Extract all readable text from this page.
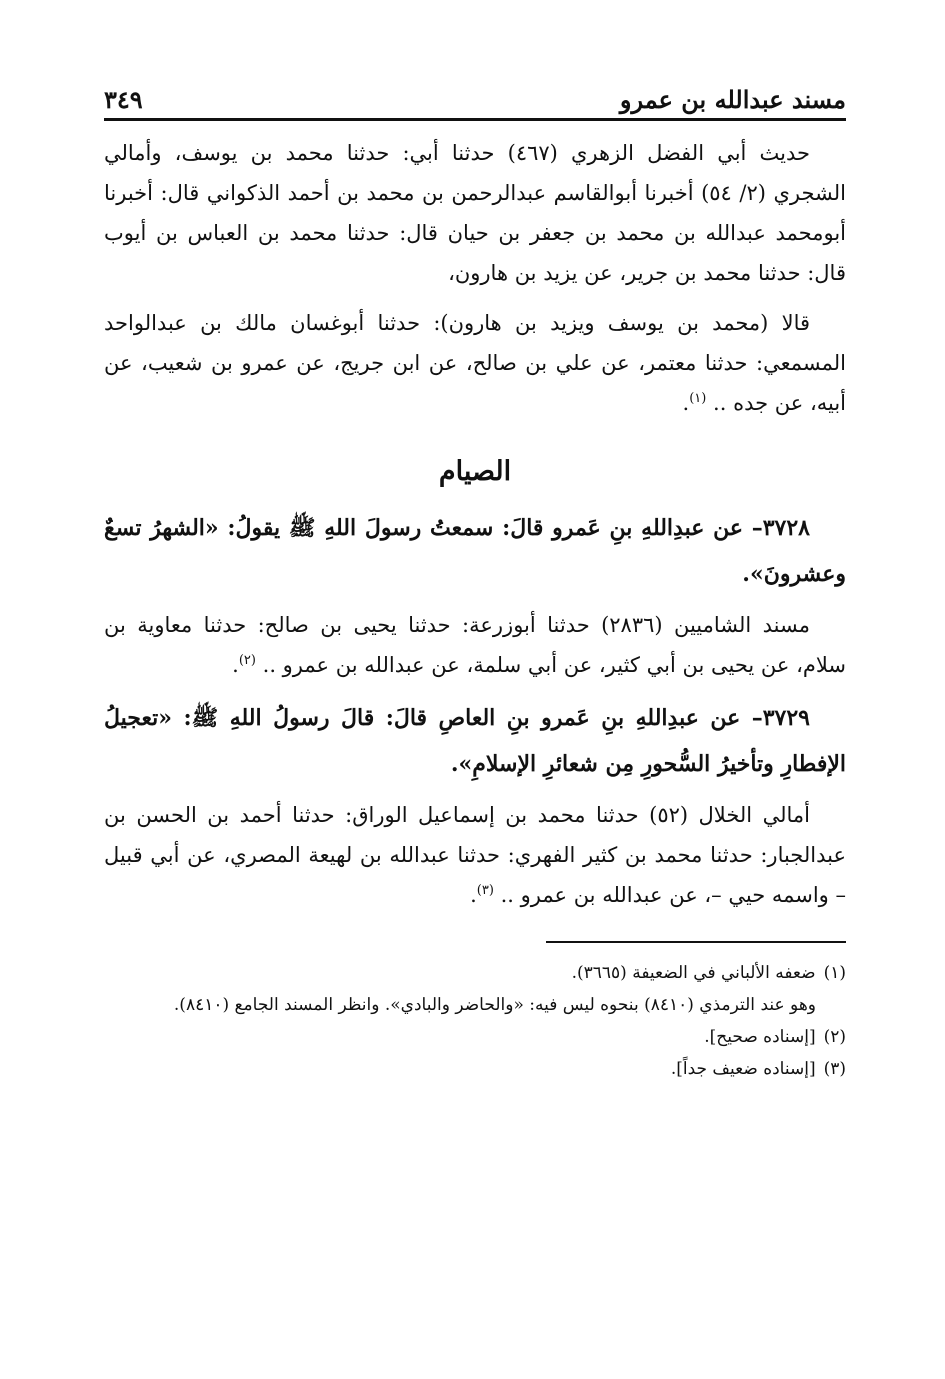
مسند عبدالله بن عمرو
٣٤٩

حديث أبي الفضل الزهري (٤٦٧) حدثنا أبي: حدثنا محمد بن يوسف، وأمالي الشجري (٢/ ٥٤) أخبرنا أبوالقاسم عبدالرحمن بن محمد بن أحمد الذكواني قال: أخبرنا أبومحمد عبدالله بن محمد بن جعفر بن حيان قال: حدثنا محمد بن العباس بن أيوب قال: حدثنا محمد بن جرير، عن يزيد بن هارون،

قالا (محمد بن يوسف ويزيد بن هارون): حدثنا أبوغسان مالك بن عبدالواحد المسمعي: حدثنا معتمر، عن علي بن صالح، عن ابن جريج، عن عمرو بن شعيب، عن أبيه، عن جده .. $^{(١)}$.

الصيام

٣٧٢٨– عن عبدِاللهِ بنِ عَمرو قالَ: سمعتُ رسولَ اللهِ ﷺ يقولُ: «الشهرُ تسعٌ وعشرونَ».

مسند الشاميين (٢٨٣٦) حدثنا أبوزرعة: حدثنا يحيى بن صالح: حدثنا معاوية بن سلام، عن يحيى بن أبي كثير، عن أبي سلمة، عن عبدالله بن عمرو .. $^{(٢)}$.

٣٧٢٩– عن عبدِاللهِ بنِ عَمرو بنِ العاصِ قالَ: قالَ رسولُ اللهِ ﷺ: «تعجيلُ الإفطارِ وتأخيرُ السُّحورِ مِن شعائرِ الإسلامِ».

أمالي الخلال (٥٢) حدثنا محمد بن إسماعيل الوراق: حدثنا أحمد بن الحسن بن عبدالجبار: حدثنا محمد بن كثير الفهري: حدثنا عبدالله بن لهيعة المصري، عن أبي قبيل – واسمه حيي –، عن عبدالله بن عمرو .. $^{(٣)}$.

(١)ضعفه الألباني في الضعيفة (٣٦٦٥).
وهو عند الترمذي (٨٤١٠) بنحوه ليس فيه: «والحاضر والبادي». وانظر المسند الجامع (٨٤١٠).
(٢)[إسناده صحيح].
(٣)[إسناده ضعيف جداً].
